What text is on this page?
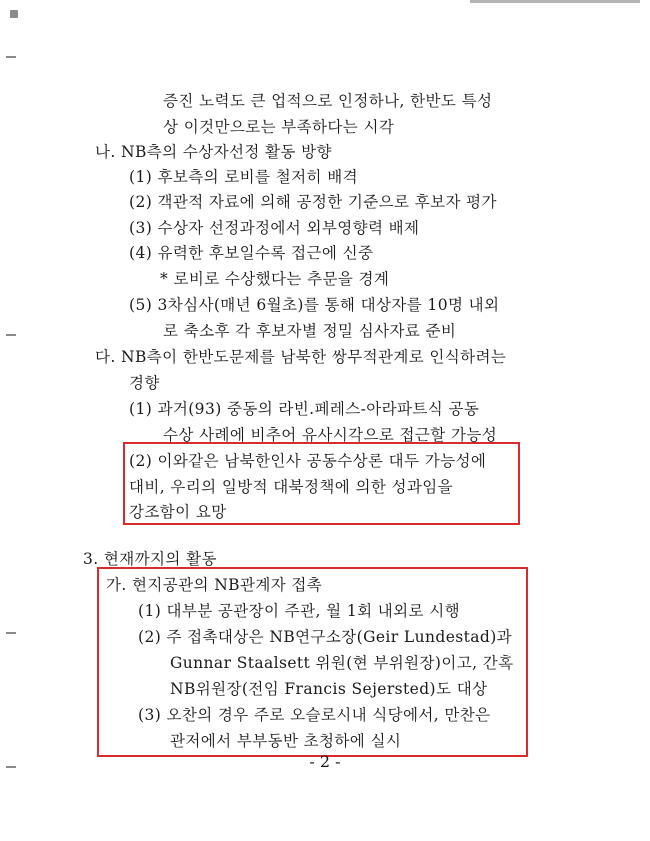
증진 노력도 큰 업적으로 인정하나, 한반도 특성
상 이것만으로는 부족하다는 시각
나. NB측의 수상자선정 활동 방향
(1) 후보측의 로비를 철저히 배격
(2) 객관적 자료에 의해 공정한 기준으로 후보자 평가
(3) 수상자 선정과정에서 외부영향력 배제
(4) 유력한 후보일수록 접근에 신중
* 로비로 수상했다는 추문을 경계
(5) 3차심사(매년 6월초)를 통해 대상자를 10명 내외
로 축소후 각 후보자별 정밀 심사자료 준비
다. NB측이 한반도문제를 남북한 쌍무적관계로 인식하려는
경향
(1) 과거(93) 중동의 라빈.페레스-아라파트식 공동
수상 사례에 비추어 유사시각으로 접근할 가능성
(2) 이와같은 남북한인사 공동수상론 대두 가능성에
대비, 우리의 일방적 대북정책에 의한 성과임을
강조함이 요망
3. 현재까지의 활동
가. 현지공관의 NB관계자 접촉
(1) 대부분 공관장이 주관, 월 1회 내외로 시행
(2) 주 접촉대상은 NB연구소장(Geir Lundestad)과
Gunnar Staalsett 위원(현 부위원장)이고, 간혹
NB위원장(전임 Francis Sejersted)도 대상
(3) 오찬의 경우 주로 오슬로시내 식당에서, 만찬은
관저에서 부부동반 초청하에 실시
- 2 -
